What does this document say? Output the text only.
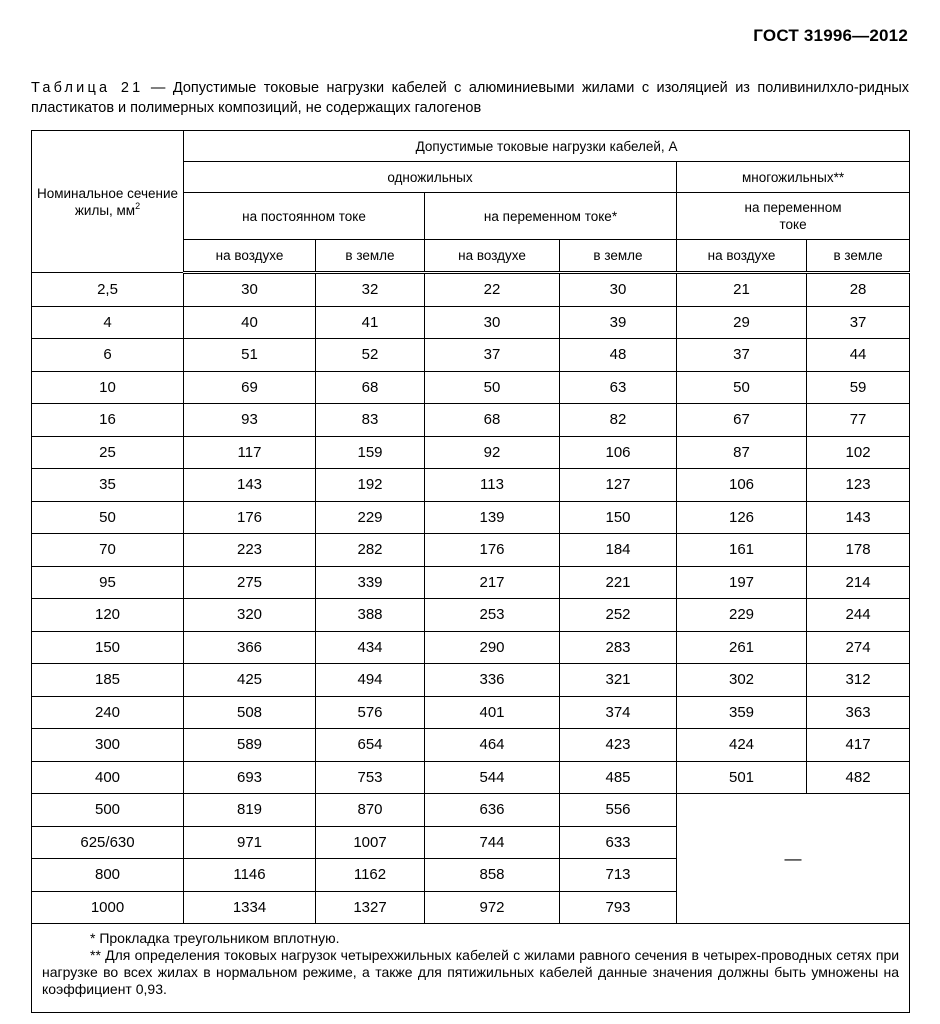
ГОСТ 31996—2012
Таблица 21 — Допустимые токовые нагрузки кабелей с алюминиевыми жилами с изоляцией из поливинилхло-ридных пластикатов и полимерных композиций, не содержащих галогенов
Номинальное сечение жилы, $мм^2$	Допустимые токовые нагрузки кабелей, А					
	одножильных				многожильных**	
	на постоянном токе		на переменном токе*		на переменном токе	
	на воздухе	в земле	на воздухе	в земле	на воздухе	в земле
2,5	30	32	22	30	21	28
4	40	41	30	39	29	37
6	51	52	37	48	37	44
10	69	68	50	63	50	59
16	93	83	68	82	67	77
25	117	159	92	106	87	102
35	143	192	113	127	106	123
50	176	229	139	150	126	143
70	223	282	176	184	161	178
95	275	339	217	221	197	214
120	320	388	253	252	229	244
150	366	434	290	283	261	274
185	425	494	336	321	302	312
240	508	576	401	374	359	363
300	589	654	464	423	424	417
400	693	753	544	485	501	482
500	819	870	636	556	—	
625/630	971	1007	744	633		
800	1146	1162	858	713		
1000	1334	1327	972	793		

* Прокладка треугольником вплотную.
** Для определения токовых нагрузок четырехжильных кабелей с жилами равного сечения в четырех-проводных сетях при нагрузке во всех жилах в нормальном режиме, а также для пятижильных кабелей данные значения должны быть умножены на коэффициент 0,93.						
